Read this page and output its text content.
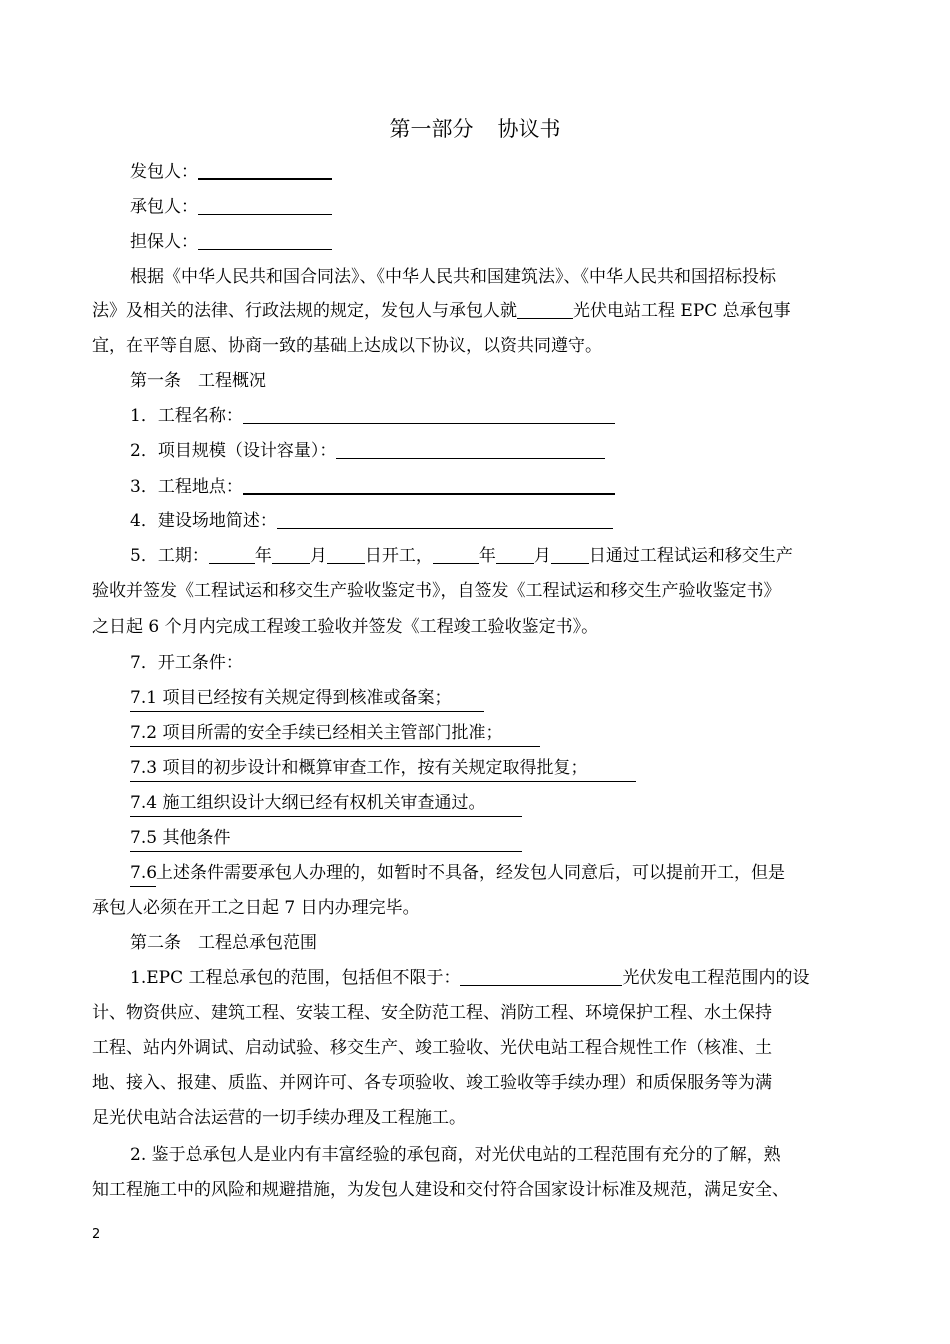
第一部分 协议书
发包人：
承包人：
担保人：
根据《中华人民共和国合同法》、《中华人民共和国建筑法》、《中华人民共和国招标投标
法》及相关的法律、行政法规的规定，发包人与承包人就	光伏电站工程 EPC 总承包事
宜，在平等自愿、协商一致的基础上达成以下协议，以资共同遵守。
第一条　工程概况
1．工程名称：
2．项目规模（设计容量）：
3．工程地点：
4．建设场地简述：
5．工期：	年 月 日开工，	年 月 日通过工程试运和移交生产
验收并签发《工程试运和移交生产验收鉴定书》，自签发《工程试运和移交生产验收鉴定书》
之日起 6 个月内完成工程竣工验收并签发《工程竣工验收鉴定书》。
7．开工条件：
7.1 项目已经按有关规定得到核准或备案；
7.2 项目所需的安全手续已经相关主管部门批准；
7.3 项目的初步设计和概算审查工作，按有关规定取得批复；
7.4 施工组织设计大纲已经有权机关审查通过。
7.5 其他条件
7.6上述条件需要承包人办理的，如暂时不具备，经发包人同意后，可以提前开工，但是
承包人必须在开工之日起 7 日内办理完毕。
第二条　工程总承包范围
1.EPC 工程总承包的范围，包括但不限于：	光伏发电工程范围内的设
计、物资供应、建筑工程、安装工程、安全防范工程、消防工程、环境保护工程、水土保持
工程、站内外调试、启动试验、移交生产、竣工验收、光伏电站工程合规性工作（核准、土
地、接入、报建、质监、并网许可、各专项验收、竣工验收等手续办理）和质保服务等为满
足光伏电站合法运营的一切手续办理及工程施工。
2. 鉴于总承包人是业内有丰富经验的承包商，对光伏电站的工程范围有充分的了解，熟
知工程施工中的风险和规避措施，为发包人建设和交付符合国家设计标准及规范，满足安全、
2
